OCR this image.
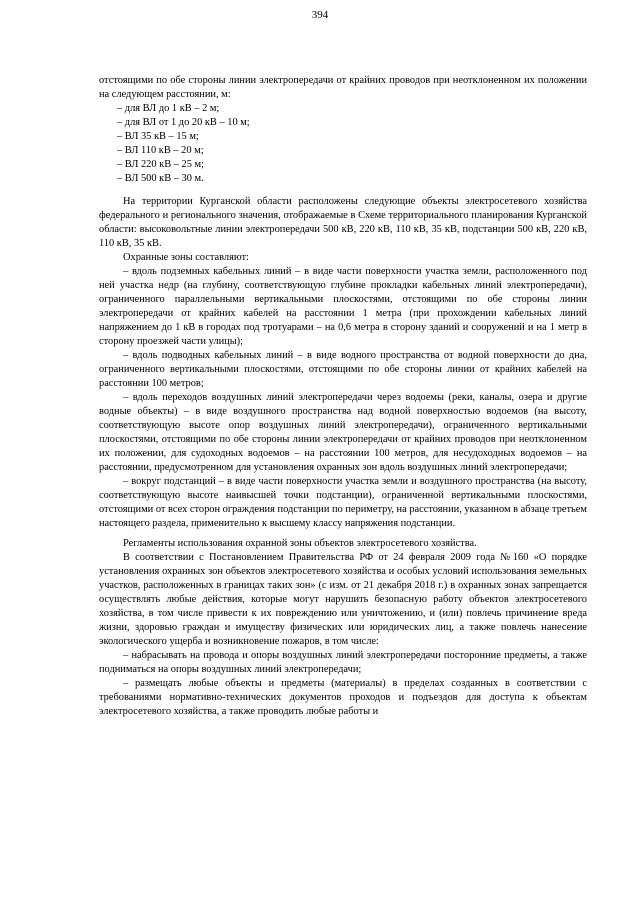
394

отстоящими по обе стороны линии электропередачи от крайних проводов при неотклоненном их положении на следующем расстоянии, м:

– для ВЛ до 1 кВ – 2 м;
– для ВЛ от 1 до 20 кВ – 10 м;
– ВЛ 35 кВ – 15 м;
– ВЛ 110 кВ – 20 м;
– ВЛ 220 кВ – 25 м;
– ВЛ 500 кВ – 30 м.

На территории Курганской области расположены следующие объекты электросетевого хозяйства федерального и регионального значения, отображаемые в Схеме территориального планирования Курганской области: высоковольтные линии электропередачи 500 кВ, 220 кВ, 110 кВ, 35 кВ, подстанции 500 кВ, 220 кВ, 110 кВ, 35 кВ.

Охранные зоны составляют:

– вдоль подземных кабельных линий – в виде части поверхности участка земли, расположенного под ней участка недр (на глубину, соответствующую глубине прокладки кабельных линий электропередачи), ограниченного параллельными вертикальными плоскостями, отстоящими по обе стороны линии электропередачи от крайних кабелей на расстоянии 1 метра (при прохождении кабельных линий напряжением до 1 кВ в городах под тротуарами – на 0,6 метра в сторону зданий и сооружений и на 1 метр в сторону проезжей части улицы);

– вдоль подводных кабельных линий – в виде водного пространства от водной поверхности до дна, ограниченного вертикальными плоскостями, отстоящими по обе стороны линии от крайних кабелей на расстоянии 100 метров;

– вдоль переходов воздушных линий электропередачи через водоемы (реки, каналы, озера и другие водные объекты) – в виде воздушного пространства над водной поверхностью водоемов (на высоту, соответствующую высоте опор воздушных линий электропередачи), ограниченного вертикальными плоскостями, отстоящими по обе стороны линии электропередачи от крайних проводов при неотклоненном их положении, для судоходных водоемов – на расстоянии 100 метров, для несудоходных водоемов – на расстоянии, предусмотренном для установления охранных зон вдоль воздушных линий электропередачи;

– вокруг подстанций – в виде части поверхности участка земли и воздушного пространства (на высоту, соответствующую высоте наивысшей точки подстанции), ограниченной вертикальными плоскостями, отстоящими от всех сторон ограждения подстанции по периметру, на расстоянии, указанном в абзаце третьем настоящего раздела, применительно к высшему классу напряжения подстанции.

Регламенты использования охранной зоны объектов электросетевого хозяйства.

В соответствии с Постановлением Правительства РФ от 24 февраля 2009 года №160 «О порядке установления охранных зон объектов электросетевого хозяйства и особых условий использования земельных участков, расположенных в границах таких зон» (с изм. от 21 декабря 2018 г.) в охранных зонах запрещается осуществлять любые действия, которые могут нарушить безопасную работу объектов электросетевого хозяйства, в том числе привести к их повреждению или уничтожению, и (или) повлечь причинение вреда жизни, здоровью граждан и имуществу физических или юридических лиц, а также повлечь нанесение экологического ущерба и возникновение пожаров, в том числе:

– набрасывать на провода и опоры воздушных линий электропередачи посторонние предметы, а также подниматься на опоры воздушных линий электропередачи;

– размещать любые объекты и предметы (материалы) в пределах созданных в соответствии с требованиями нормативно-технических документов проходов и подъездов для доступа к объектам электросетевого хозяйства, а также проводить любые работы и
